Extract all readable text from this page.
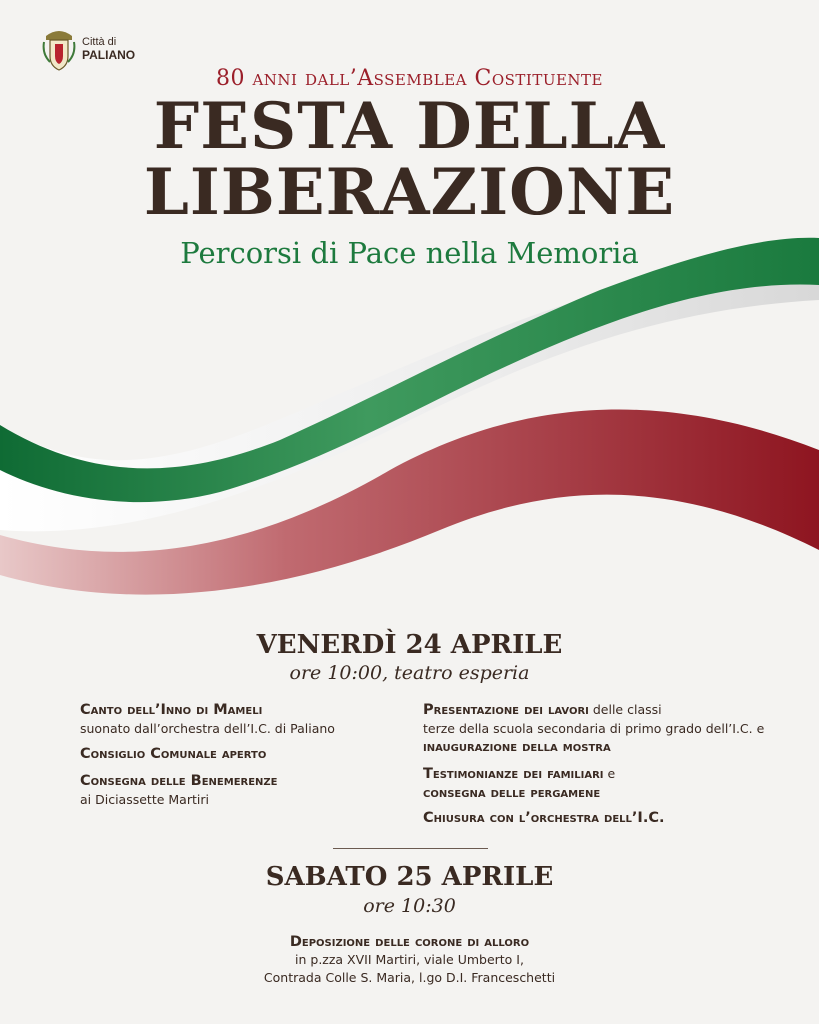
Città di
PALIANO
80 anni dall’Assemblea Costituente
FESTA DELLA
LIBERAZIONE
Percorsi di Pace nella Memoria
VENERDÌ 24 APRILE
ore 10:00, teatro esperia
Canto dell’Inno di Mameli
suonato dall’orchestra dell’I.C. di Paliano
Consiglio Comunale aperto
Consegna delle Benemerenze
ai Diciassette Martiri
Presentazione dei lavori delle classi
terze della scuola secondaria di primo grado dell’I.C. e
inaugurazione della mostra
Testimonianze dei familiari e
consegna delle pergamene
Chiusura con l’orchestra dell’I.C.
SABATO 25 APRILE
ore 10:30
Deposizione delle corone di alloro
in p.zza XVII Martiri, viale Umberto I,
Contrada Colle S. Maria, l.go D.I. Franceschetti
